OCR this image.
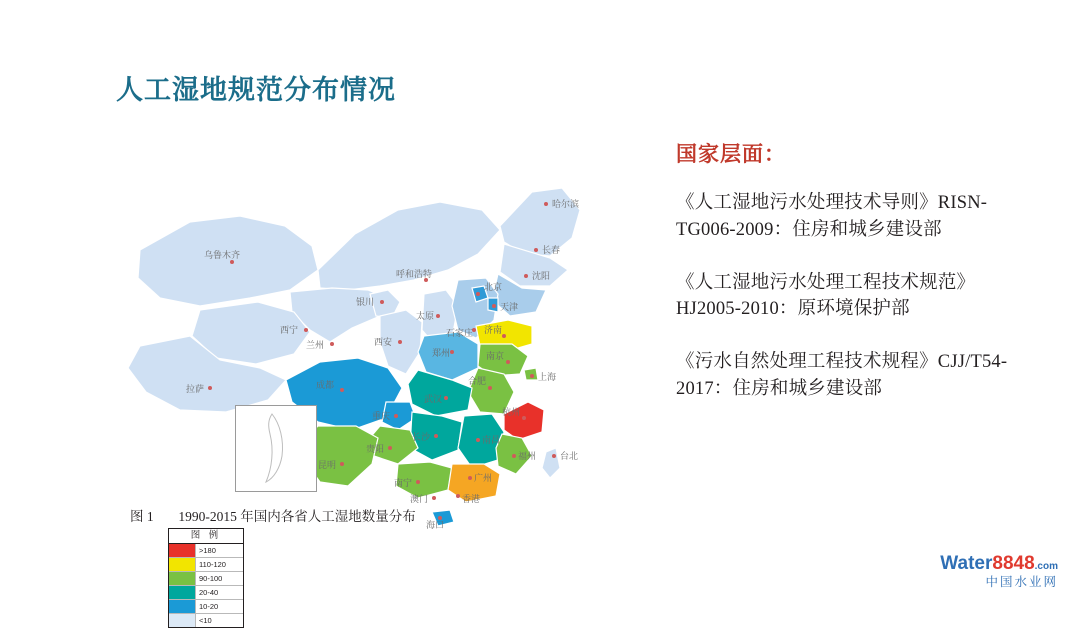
人工湿地规范分布情况
哈尔滨
长春
沈阳
呼和浩特
北京
天津
银川
太原
石家庄 济南
西宁
兰州	西安
郑州	南京
合肥	上海
成都
武汉
杭州
重庆
长沙	南昌
福州
贵阳
台北
昆明
广州
南宁
香港
澳门
海口
乌鲁木齐
拉萨
图 例
>180
110-120
90-100
20-40
10-20
<10
图 1 1990-2015 年国内各省人工湿地数量分布
国家层面：
《人工湿地污水处理技术导则》RISN-TG006-2009：住房和城乡建设部
《人工湿地污水处理工程技术规范》HJ2005-2010：原环境保护部
《污水自然处理工程技术规程》CJJ/T54-2017：住房和城乡建设部
Water8848.com
中国水业网
